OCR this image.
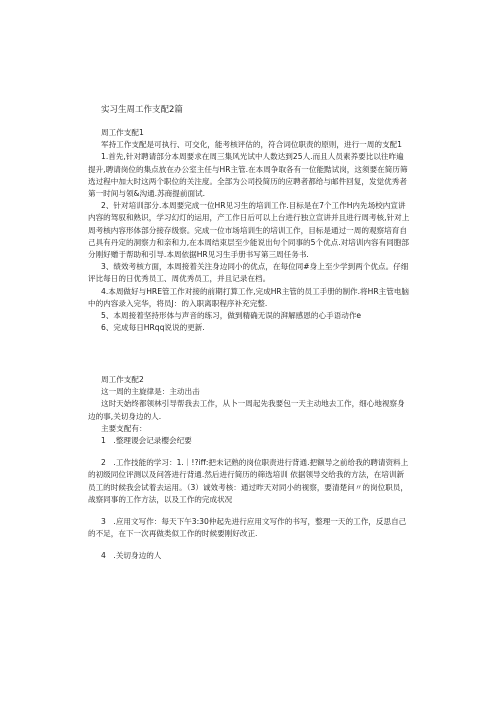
实习生周工作支配2篇

周工作支配1

军持工作支配是可执行、可交化，能考核评估的，符合词位职责的原则，进行一周的支配1

1.首先,针对聘请部分本周要求在周三集风光试中人数达到25人.而且人员素养要比以往昨遍提升,聘请岗位的集点放在办公室主任与HR主管.在本周争取各有一位能黠试岗，这须要在简历筛选过程中加大时这两个职位的关注度。全部为公司投简历的应聘者都给与邮件回复，发觉优秀者第一时间与领&沟通.苏商提前面试.

2、针对培训部分.本周要完成一位HR见习生的培训工作.目标是在7个工作H内先场校内宣讲内容的驾驭和熟识，学习幻灯的运用，产工作日后可以上台进行独立宣讲并且进行周考核,针对上周考核内容形体部分接存级察。完成一位市场培训生的培训工作，目标是通过一周的观察培育自己具有丹定的洞察力和亲和力,在本周结束层至少能说出句个同事的5个优点.对培训内容有同胞部分刚好赠于帮助和引导.本周依据HR见习生手册书写第三周任务书.

3、绩效考核方面，本周接着关注身边同小的优点，在每位同#身上至少学到两个优点。仔细评比每日的日优秀员工、周优秀员工，并且记录在档。

4.本周做好与HRE管工作对接的前期打算工作,完成HR主管的员工手册的制作.将HR主管电脑中的内容录入完华，将员J：的入职离职程序补充完整.

5、本周接着坚持形体与声音的练习，做到精确无误的湃解感恩的心手语动作e

6、完成每日HRqq说说的更新.

周工作支配2

这一周的主旋律是：主动出击

这时天始终都领林引导帮我去工作，从卜一周起先我要包一天主动地去工作，细心地视察身边的事,关切身边的人.

主要支配有：

1　.整理谡会记录樱会纪要

2　.工作技能的学习：1.｜!?iff:把未记熟的岗位职责进行背通.把额导之前给我的聘请资料上的初级同位评测以及问答进行背通.然后进行简历的筛选培训 依据领导交给我的方法，在培训新员工的时候我会试着去运用。（3）诚效考核：通过昨天对同小的视察，要清楚问〃的岗位职员，战察同事的工作方法，以及工作的完成状况

3　.应用文写作：每天下午3:30仲起先进行应用文写作的书写，整理一天的工作，反思自己的不足，在下一次再做类似工作的时候要刚好改正.

4　.关切身边的人
